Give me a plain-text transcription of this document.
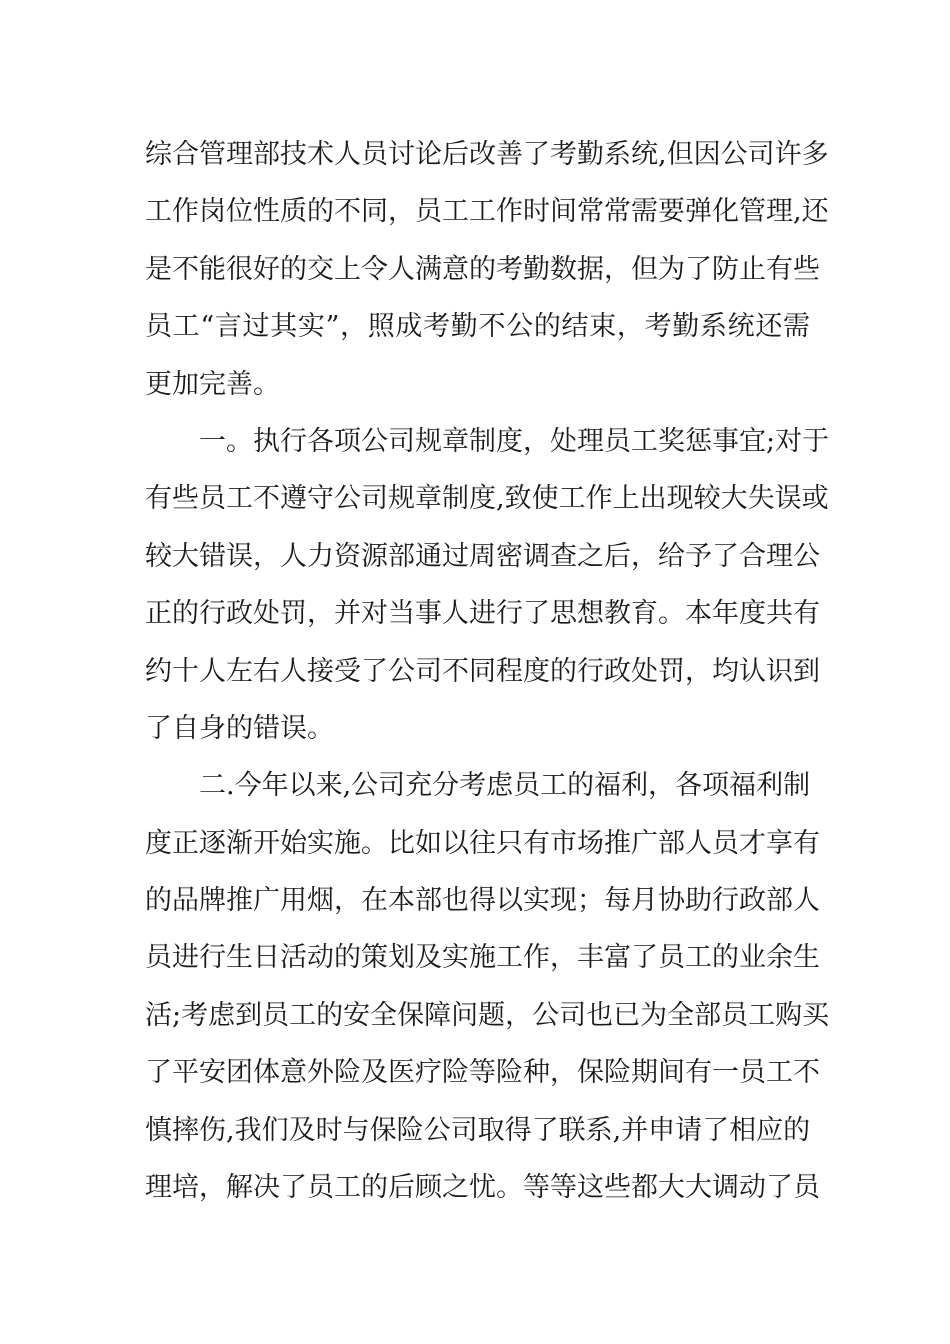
综合管理部技术人员讨论后改善了考勤系统,但因公司许多
工作岗位性质的不同，员工工作时间常常需要弹化管理,还
是不能很好的交上令人满意的考勤数据，但为了防止有些
员工“言过其实”，照成考勤不公的结束，考勤系统还需
更加完善。
一。执行各项公司规章制度，处理员工奖惩事宜;对于
有些员工不遵守公司规章制度,致使工作上出现较大失误或
较大错误，人力资源部通过周密调查之后，给予了合理公
正的行政处罚，并对当事人进行了思想教育。本年度共有
约十人左右人接受了公司不同程度的行政处罚，均认识到
了自身的错误。
二.今年以来,公司充分考虑员工的福利，各项福利制
度正逐渐开始实施。比如以往只有市场推广部人员才享有
的品牌推广用烟，在本部也得以实现；每月协助行政部人
员进行生日活动的策划及实施工作，丰富了员工的业余生
活;考虑到员工的安全保障问题，公司也已为全部员工购买
了平安团体意外险及医疗险等险种，保险期间有一员工不
慎摔伤,我们及时与保险公司取得了联系,并申请了相应的
理培，解决了员工的后顾之忧。等等这些都大大调动了员
